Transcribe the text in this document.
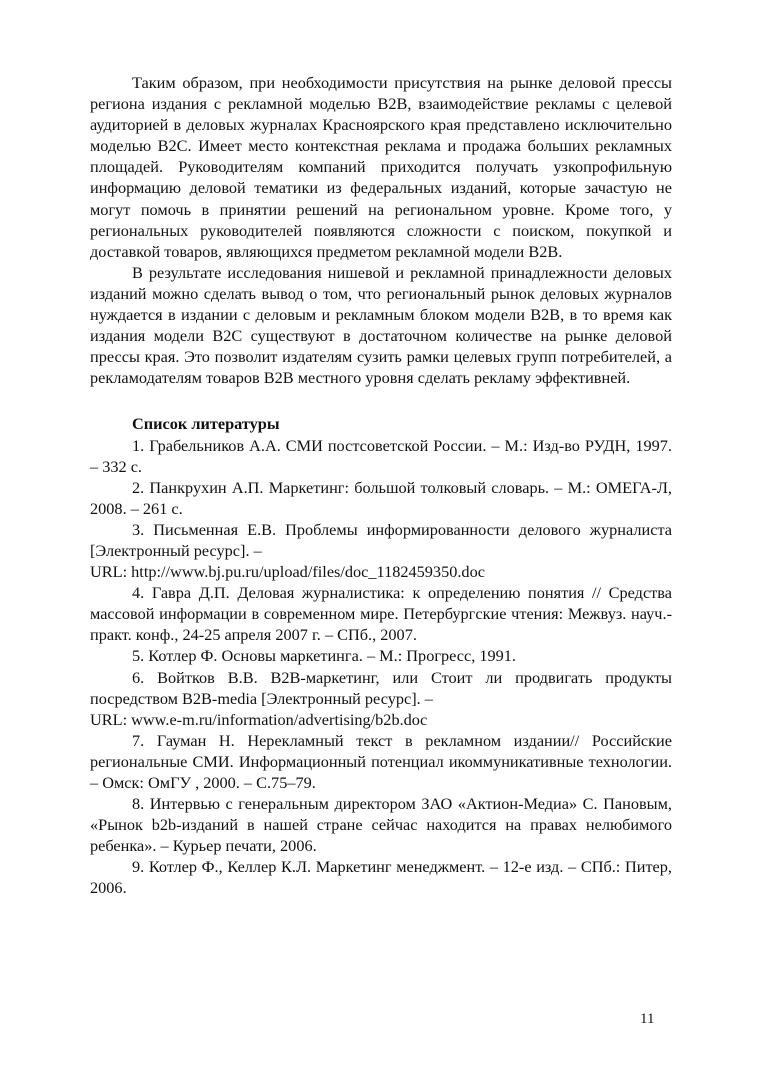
Таким образом, при необходимости присутствия на рынке деловой прессы региона издания с рекламной моделью В2В, взаимодействие рекламы с целевой аудиторией в деловых журналах Красноярского края представлено исключительно моделью В2С. Имеет место контекстная реклама и продажа больших рекламных площадей. Руководителям компаний приходится получать узкопрофильную информацию деловой тематики из федеральных изданий, которые зачастую не могут помочь в принятии решений на региональном уровне. Кроме того, у региональных руководителей появляются сложности с поиском, покупкой и доставкой товаров, являющихся предметом рекламной модели В2В.

В результате исследования нишевой и рекламной принадлежности деловых изданий можно сделать вывод о том, что региональный рынок деловых журналов нуждается в издании с деловым и рекламным блоком модели В2В, в то время как издания модели В2С существуют в достаточном количестве на рынке деловой прессы края. Это позволит издателям сузить рамки целевых групп потребителей, а рекламодателям товаров В2В местного уровня сделать рекламу эффективней.

Список литературы

1. Грабельников А.А. СМИ постсоветской России. – М.: Изд-во РУДН, 1997. – 332 с.

2. Панкрухин А.П. Маркетинг: большой толковый словарь. – М.: ОМЕГА-Л, 2008. – 261 с.

3. Письменная Е.В. Проблемы информированности делового журналиста [Электронный ресурс]. –

URL: http://www.bj.pu.ru/upload/files/doc_1182459350.doc

4. Гавра Д.П. Деловая журналистика: к определению понятия // Средства массовой информации в современном мире. Петербургские чтения: Межвуз. науч.-практ. конф., 24-25 апреля 2007 г. – СПб., 2007.

5. Котлер Ф. Основы маркетинга. – М.: Прогресс, 1991.

6. Войтков В.В. B2B-маркетинг, или Стоит ли продвигать продукты посредством B2B-media [Электронный ресурс]. –

URL: www.e-m.ru/information/advertising/b2b.doc

7. Гауман Н. Нерекламный текст в рекламном издании// Российские региональные СМИ. Информационный потенциал икоммуникативные технологии. – Омск: ОмГУ , 2000. – С.75–79.

8. Интервью с генеральным директором ЗАО «Актион-Медиа» С. Пановым, «Рынок b2b-изданий в нашей стране сейчас находится на правах нелюбимого ребенка». – Курьер печати, 2006.

9. Котлер Ф., Келлер К.Л. Маркетинг менеджмент. – 12-е изд. – СПб.: Питер, 2006.

11
